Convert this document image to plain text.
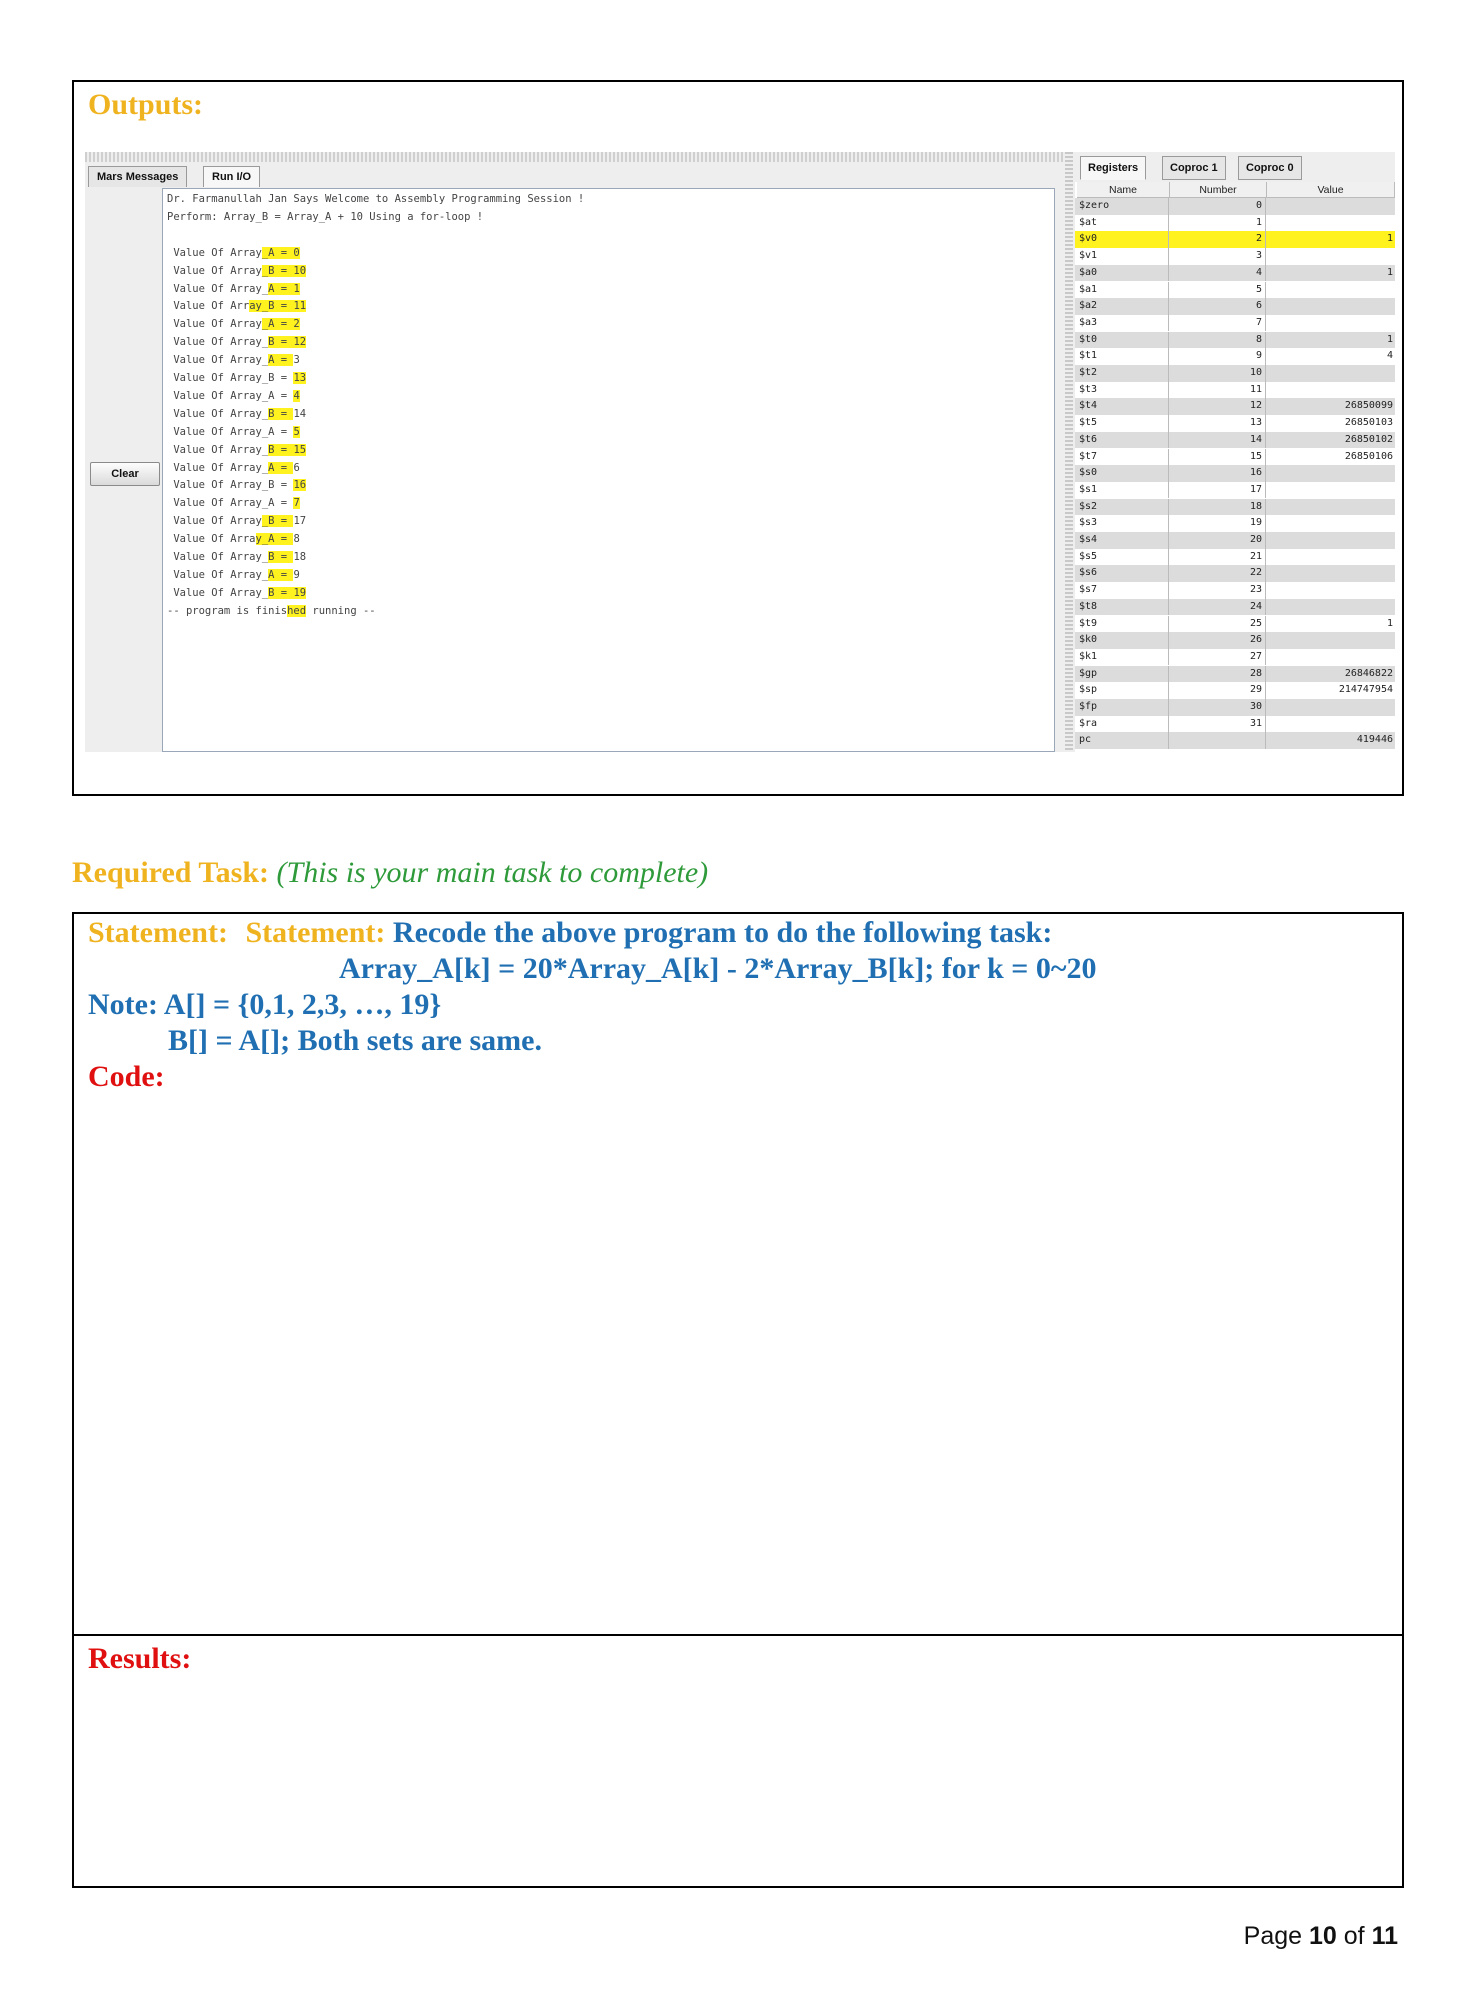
Outputs:
Mars Messages	Run I/O
Clear
Dr. Farmanullah Jan Says Welcome to Assembly Programming Session !
Perform: Array_B = Array_A + 10 Using a for-loop !
Value Of Array_A = 0
Value Of Array_B = 10
Value Of Array_A = 1
Value Of Array_B = 11
Value Of Array_A = 2
Value Of Array_B = 12
Value Of Array_A = 3
Value Of Array_B = 13
Value Of Array_A = 4
Value Of Array_B = 14
Value Of Array_A = 5
Value Of Array_B = 15
Value Of Array_A = 6
Value Of Array_B = 16
Value Of Array_A = 7
Value Of Array_B = 17
Value Of Array_A = 8
Value Of Array_B = 18
Value Of Array_A = 9
Value Of Array_B = 19
-- program is finished running --
Registers	Coproc 1	Coproc 0
Name	Number	Value
$zero	0
$at	1
$v0	2	1
$v1	3
$a0	4	1
$a1	5
$a2	6
$a3	7
$t0	8	1
$t1	9	4
$t2	10
$t3	11
$t4	12	26850099
$t5	13	26850103
$t6	14	26850102
$t7	15	26850106
$s0	16
$s1	17
$s2	18
$s3	19
$s4	20
$s5	21
$s6	22
$s7	23
$t8	24
$t9	25	1
$k0	26
$k1	27
$gp	28	26846822
$sp	29	214747954
$fp	30
$ra	31
pc	419446
Required Task: (This is your main task to complete)
Statement: Statement: Recode the above program to do the following task:
Array_A[k] = 20*Array_A[k] - 2*Array_B[k]; for k = 0~20
Note: A[] = {0,1, 2,3, …, 19}
B[] = A[]; Both sets are same.
Code:
Results:
Page 10 of 11
